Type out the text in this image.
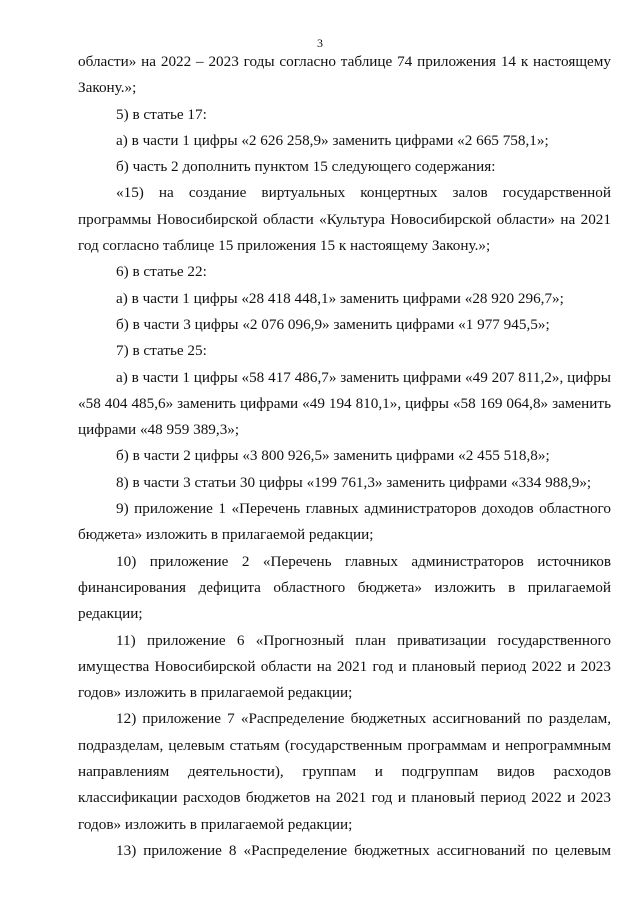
3

области» на 2022 – 2023 годы согласно таблице 74 приложения 14 к настоящему Закону.»;

5) в статье 17:

а) в части 1 цифры «2 626 258,9» заменить цифрами «2 665 758,1»;

б) часть 2 дополнить пунктом 15 следующего содержания:

«15) на создание виртуальных концертных залов государственной программы Новосибирской области «Культура Новосибирской области» на 2021 год согласно таблице 15 приложения 15 к настоящему Закону.»;

6) в статье 22:

а) в части 1 цифры «28 418 448,1» заменить цифрами «28 920 296,7»;

б) в части 3 цифры «2 076 096,9» заменить цифрами «1 977 945,5»;

7) в статье 25:

а) в части 1 цифры «58 417 486,7» заменить цифрами «49 207 811,2», цифры «58 404 485,6» заменить цифрами «49 194 810,1», цифры «58 169 064,8» заменить цифрами «48 959 389,3»;

б) в части 2 цифры «3 800 926,5» заменить цифрами «2 455 518,8»;

8) в части 3 статьи 30 цифры «199 761,3» заменить цифрами «334 988,9»;

9) приложение 1 «Перечень главных администраторов доходов областного бюджета» изложить в прилагаемой редакции;

10) приложение 2 «Перечень главных администраторов источников финансирования дефицита областного бюджета» изложить в прилагаемой редакции;

11) приложение 6 «Прогнозный план приватизации государственного имущества Новосибирской области на 2021 год и плановый период 2022 и 2023 годов» изложить в прилагаемой редакции;

12) приложение 7 «Распределение бюджетных ассигнований по разделам, подразделам, целевым статьям (государственным программам и непрограммным направлениям деятельности), группам и подгруппам видов расходов классификации расходов бюджетов на 2021 год и плановый период 2022 и 2023 годов» изложить в прилагаемой редакции;

13) приложение 8 «Распределение бюджетных ассигнований по целевым
